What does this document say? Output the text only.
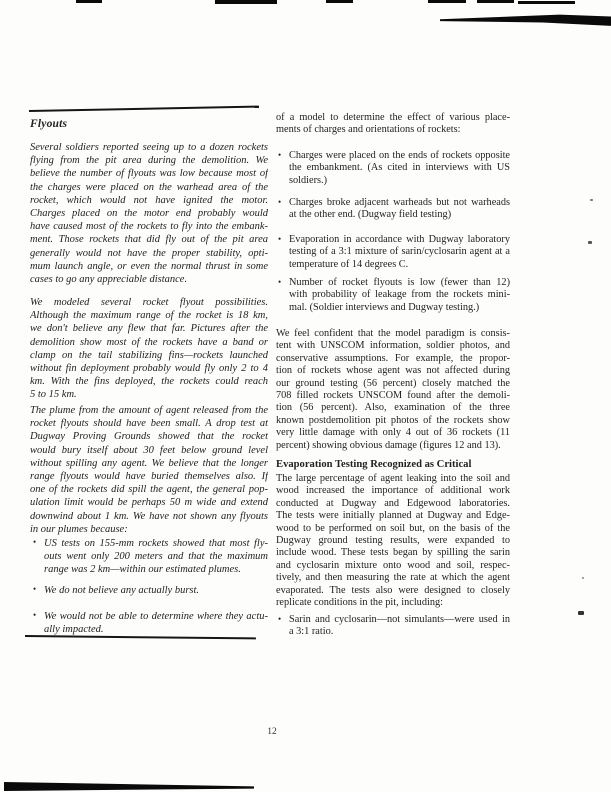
Flyouts
Several soldiers reported seeing up to a dozen rockets
flying from the pit area during the demolition. We
believe the number of flyouts was low because most of
the charges were placed on the warhead area of the
rocket, which would not have ignited the motor.
Charges placed on the motor end probably would
have caused most of the rockets to fly into the embank-
ment. Those rockets that did fly out of the pit area
generally would not have the proper stability, opti-
mum launch angle, or even the normal thrust in some
cases to go any appreciable distance.
We modeled several rocket flyout possibilities.
Although the maximum range of the rocket is 18 km,
we don't believe any flew that far. Pictures after the
demolition show most of the rockets have a band or
clamp on the tail stabilizing fins—rockets launched
without fin deployment probably would fly only 2 to 4
km. With the fins deployed, the rockets could reach
5 to 15 km.
The plume from the amount of agent released from the
rocket flyouts should have been small. A drop test at
Dugway Proving Grounds showed that the rocket
would bury itself about 30 feet below ground level
without spilling any agent. We believe that the longer
range flyouts would have buried themselves also. If
one of the rockets did spill the agent, the general pop-
ulation limit would be perhaps 50 m wide and extend
downwind about 1 km. We have not shown any flyouts
in our plumes because:
• US tests on 155-mm rockets showed that most fly-
outs went only 200 meters and that the maximum
range was 2 km—within our estimated plumes.
• We do not believe any actually burst.
• We would not be able to determine where they actu-
ally impacted.
of a model to determine the effect of various place-
ments of charges and orientations of rockets:
• Charges were placed on the ends of rockets opposite
the embankment. (As cited in interviews with US
soldiers.)
• Charges broke adjacent warheads but not warheads
at the other end. (Dugway field testing)
• Evaporation in accordance with Dugway laboratory
testing of a 3:1 mixture of sarin/cyclosarin agent at a
temperature of 14 degrees C.
• Number of rocket flyouts is low (fewer than 12)
with probability of leakage from the rockets mini-
mal. (Soldier interviews and Dugway testing.)
We feel confident that the model paradigm is consis-
tent with UNSCOM information, soldier photos, and
conservative assumptions. For example, the propor-
tion of rockets whose agent was not affected during
our ground testing (56 percent) closely matched the
708 filled rockets UNSCOM found after the demoli-
tion (56 percent). Also, examination of the three
known postdemolition pit photos of the rockets show
very little damage with only 4 out of 36 rockets (11
percent) showing obvious damage (figures 12 and 13).
Evaporation Testing Recognized as Critical
The large percentage of agent leaking into the soil and
wood increased the importance of additional work
conducted at Dugway and Edgewood laboratories.
The tests were initially planned at Dugway and Edge-
wood to be performed on soil but, on the basis of the
Dugway ground testing results, were expanded to
include wood. These tests began by spilling the sarin
and cyclosarin mixture onto wood and soil, respec-
tively, and then measuring the rate at which the agent
evaporated. The tests also were designed to closely
replicate conditions in the pit, including:
• Sarin and cyclosarin—not simulants—were used in
a 3:1 ratio.
12
